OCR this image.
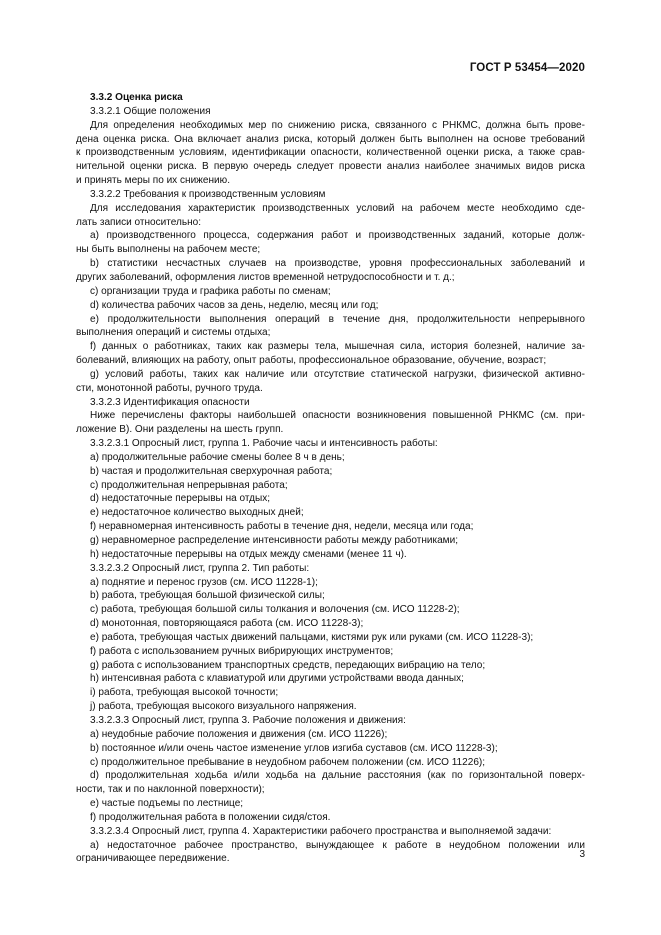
ГОСТ Р 53454—2020
3.3.2 Оценка риска
3.3.2.1 Общие положения
Для определения необходимых мер по снижению риска, связанного с РНКМС, должна быть прове-
дена оценка риска. Она включает анализ риска, который должен быть выполнен на основе требований
к производственным условиям, идентификации опасности, количественной оценки риска, а также срав-
нительной оценки риска. В первую очередь следует провести анализ наиболее значимых видов риска
и принять меры по их снижению.
3.3.2.2 Требования к производственным условиям
Для исследования характеристик производственных условий на рабочем месте необходимо сде-
лать записи относительно:
а) производственного процесса, содержания работ и производственных заданий, которые долж-
ны быть выполнены на рабочем месте;
b) статистики несчастных случаев на производстве, уровня профессиональных заболеваний и
других заболеваний, оформления листов временной нетрудоспособности и т. д.;
с) организации труда и графика работы по сменам;
d) количества рабочих часов за день, неделю, месяц или год;
е) продолжительности выполнения операций в течение дня, продолжительности непрерывного
выполнения операций и системы отдыха;
f) данных о работниках, таких как размеры тела, мышечная сила, история болезней, наличие за-
болеваний, влияющих на работу, опыт работы, профессиональное образование, обучение, возраст;
g) условий работы, таких как наличие или отсутствие статической нагрузки, физической активно-
сти, монотонной работы, ручного труда.
3.3.2.3 Идентификация опасности
Ниже перечислены факторы наибольшей опасности возникновения повышенной РНКМС (см. при-
ложение В). Они разделены на шесть групп.
3.3.2.3.1 Опросный лист, группа 1. Рабочие часы и интенсивность работы:
а) продолжительные рабочие смены более 8 ч в день;
b) частая и продолжительная сверхурочная работа;
с) продолжительная непрерывная работа;
d) недостаточные перерывы на отдых;
е) недостаточное количество выходных дней;
f) неравномерная интенсивность работы в течение дня, недели, месяца или года;
g) неравномерное распределение интенсивности работы между работниками;
h) недостаточные перерывы на отдых между сменами (менее 11 ч).
3.3.2.3.2 Опросный лист, группа 2. Тип работы:
а) поднятие и перенос грузов (см. ИСО 11228-1);
b) работа, требующая большой физической силы;
с) работа, требующая большой силы толкания и волочения (см. ИСО 11228-2);
d) монотонная, повторяющаяся работа (см. ИСО 11228-3);
е) работа, требующая частых движений пальцами, кистями рук или руками (см. ИСО 11228-3);
f) работа с использованием ручных вибрирующих инструментов;
g) работа с использованием транспортных средств, передающих вибрацию на тело;
h) интенсивная работа с клавиатурой или другими устройствами ввода данных;
i) работа, требующая высокой точности;
j) работа, требующая высокого визуального напряжения.
3.3.2.3.3 Опросный лист, группа 3. Рабочие положения и движения:
а) неудобные рабочие положения и движения (см. ИСО 11226);
b) постоянное и/или очень частое изменение углов изгиба суставов (см. ИСО 11228-3);
с) продолжительное пребывание в неудобном рабочем положении (см. ИСО 11226);
d) продолжительная ходьба и/или ходьба на дальние расстояния (как по горизонтальной поверх-
ности, так и по наклонной поверхности);
е) частые подъемы по лестнице;
f) продолжительная работа в положении сидя/стоя.
3.3.2.3.4 Опросный лист, группа 4. Характеристики рабочего пространства и выполняемой задачи:
а) недостаточное рабочее пространство, вынуждающее к работе в неудобном положении или
ограничивающее передвижение.	3
